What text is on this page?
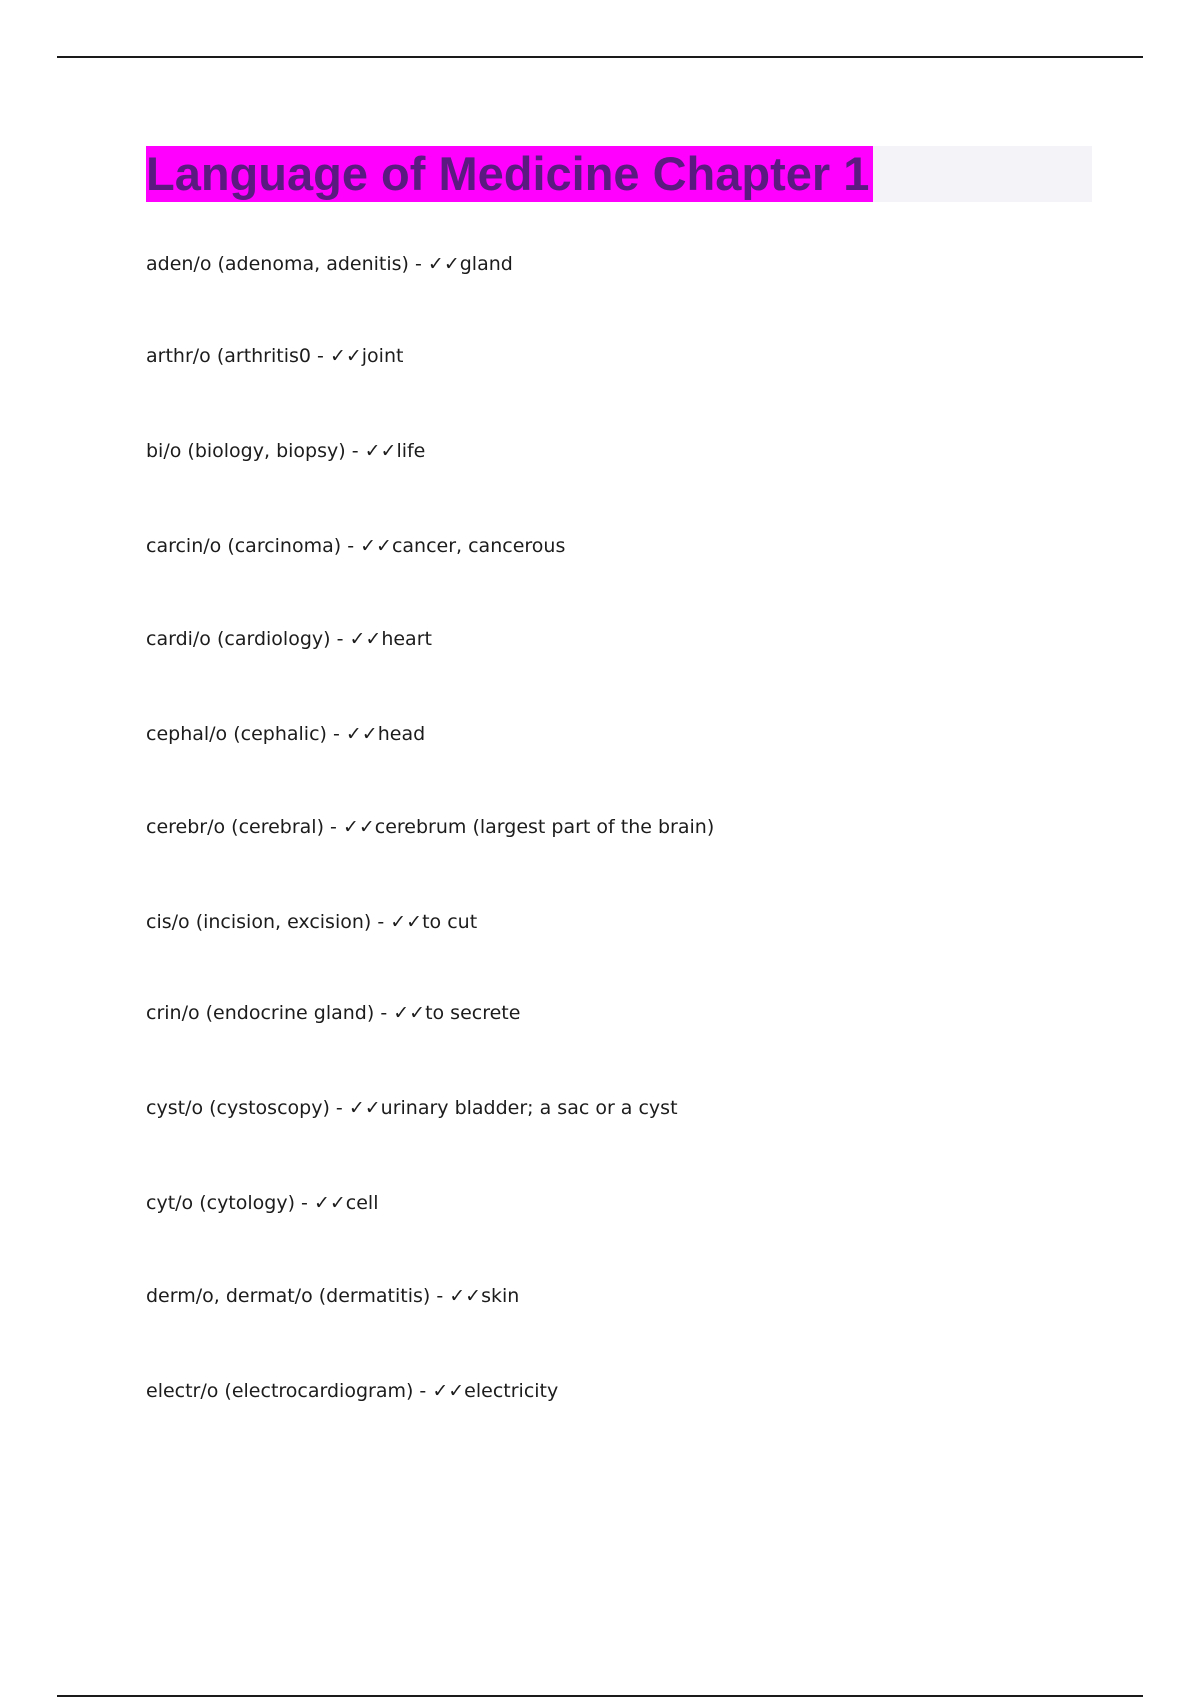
Language of Medicine Chapter 1
aden/o (adenoma, adenitis) - ✓✓gland
arthr/o (arthritis0 - ✓✓joint
bi/o (biology, biopsy) - ✓✓life
carcin/o (carcinoma) - ✓✓cancer, cancerous
cardi/o (cardiology) - ✓✓heart
cephal/o (cephalic) - ✓✓head
cerebr/o (cerebral) - ✓✓cerebrum (largest part of the brain)
cis/o (incision, excision) - ✓✓to cut
crin/o (endocrine gland) - ✓✓to secrete
cyst/o (cystoscopy) - ✓✓urinary bladder; a sac or a cyst
cyt/o (cytology) - ✓✓cell
derm/o, dermat/o (dermatitis) - ✓✓skin
electr/o (electrocardiogram) - ✓✓electricity
